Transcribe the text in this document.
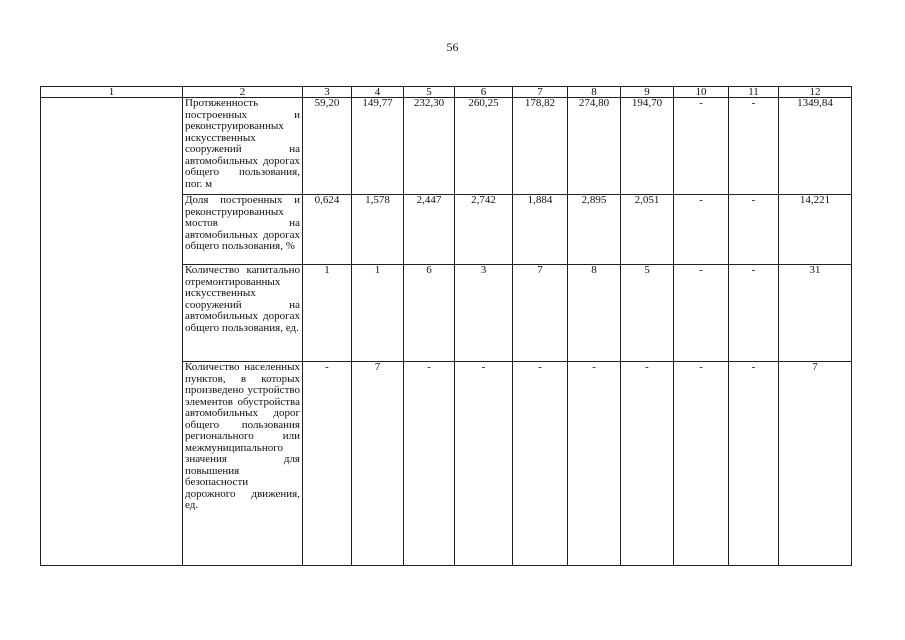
56
1	2	3	4	5	6	7	8	9	10	11	12
	Протяженность построенных и реконструированных искусственных сооружений на автомобильных дорогах общего пользования, пог. м	59,20	149,77	232,30	260,25	178,82	274,80	194,70	-	-	1349,84
	Доля построенных и реконструированных мостов на автомобильных дорогах общего пользования, %	0,624	1,578	2,447	2,742	1,884	2,895	2,051	-	-	14,221
	Количество капитально отремонтированных искусственных сооружений на автомобильных дорогах общего пользования, ед.	1	1	6	3	7	8	5	-	-	31
	Количество населенных пунктов, в которых произведено устройство элементов обустройства автомобильных дорог общего пользования регионального или межмуниципального значения для повышения безопасности дорожного движения, ед.	-	7	-	-	-	-	-	-	-	7
